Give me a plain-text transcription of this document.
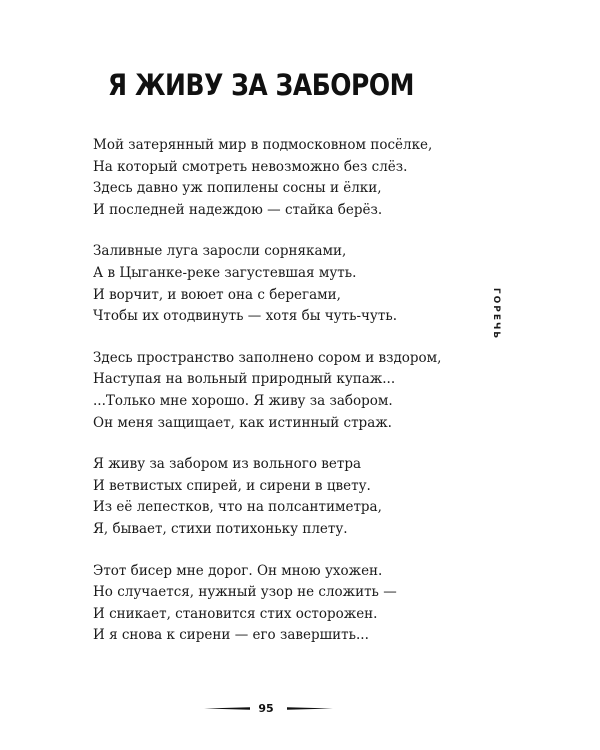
Я ЖИВУ ЗА ЗАБОРОМ
Мой затерянный мир в подмосковном посёлке,
На который смотреть невозможно без слёз.
Здесь давно уж попилены сосны и ёлки,
И последней надеждою — стайка берёз.
Заливные луга заросли сорняками,
А в Цыганке-реке загустевшая муть.
И ворчит, и воюет она с берегами,
Чтобы их отодвинуть — хотя бы чуть-чуть.
Здесь пространство заполнено сором и вздором,
Наступая на вольный природный купаж...
...Только мне хорошо. Я живу за забором.
Он меня защищает, как истинный страж.
Я живу за забором из вольного ветра
И ветвистых спирей, и сирени в цвету.
Из её лепестков, что на полсантиметра,
Я, бывает, стихи потихоньку плету.
Этот бисер мне дорог. Он мною ухожен.
Но случается, нужный узор не сложить —
И сникает, становится стих осторожен.
И я снова к сирени — его завершить...
ГОРЕЧЬ
95
